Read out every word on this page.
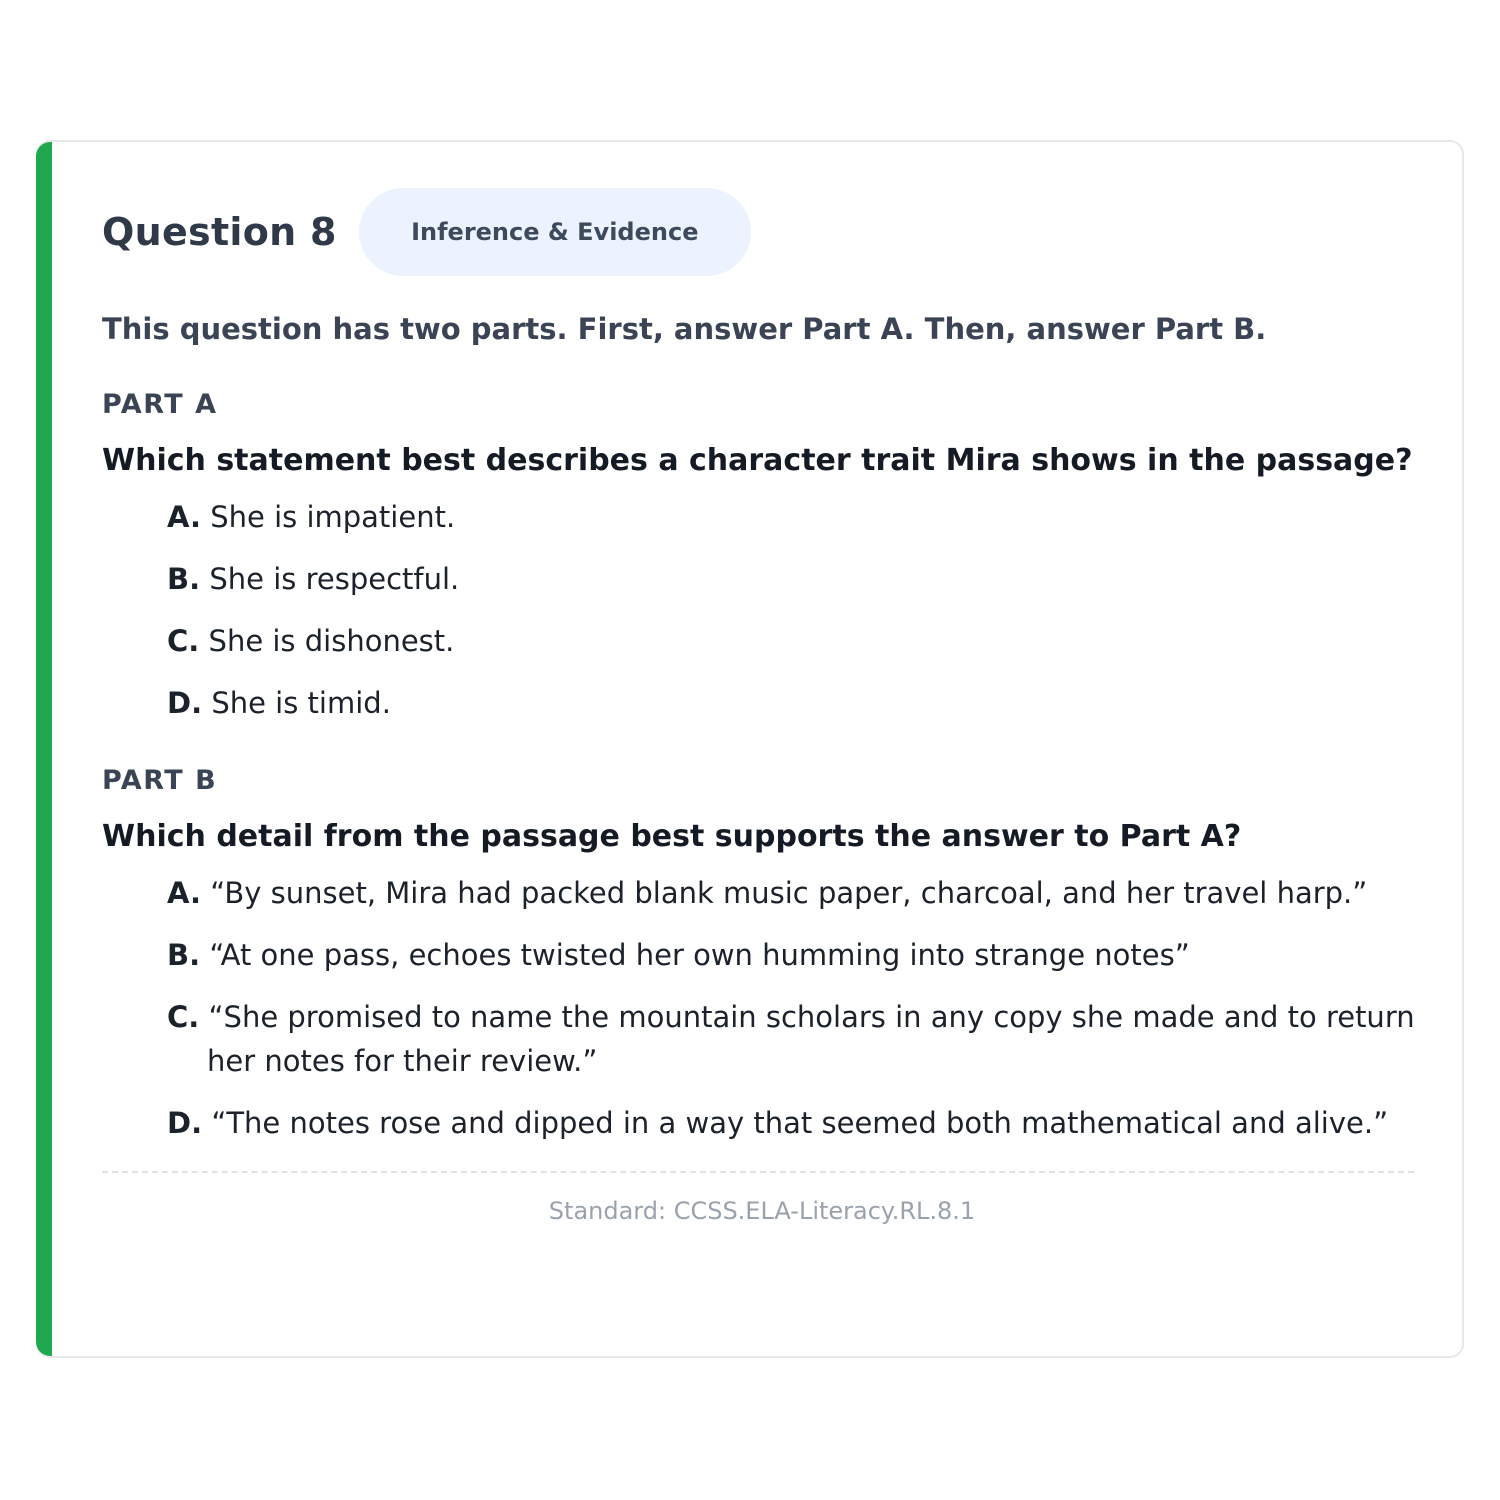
Question 8	Inference & Evidence
This question has two parts. First, answer Part A. Then, answer Part B.
PART A
Which statement best describes a character trait Mira shows in the passage?
A. She is impatient.
B. She is respectful.
C. She is dishonest.
D. She is timid.
PART B
Which detail from the passage best supports the answer to Part A?
A. “By sunset, Mira had packed blank music paper, charcoal, and her travel harp.”
B. “At one pass, echoes twisted her own humming into strange notes”
C. “She promised to name the mountain scholars in any copy she made and to return her notes for their review.”
D. “The notes rose and dipped in a way that seemed both mathematical and alive.”
Standard: CCSS.ELA-Literacy.RL.8.1
